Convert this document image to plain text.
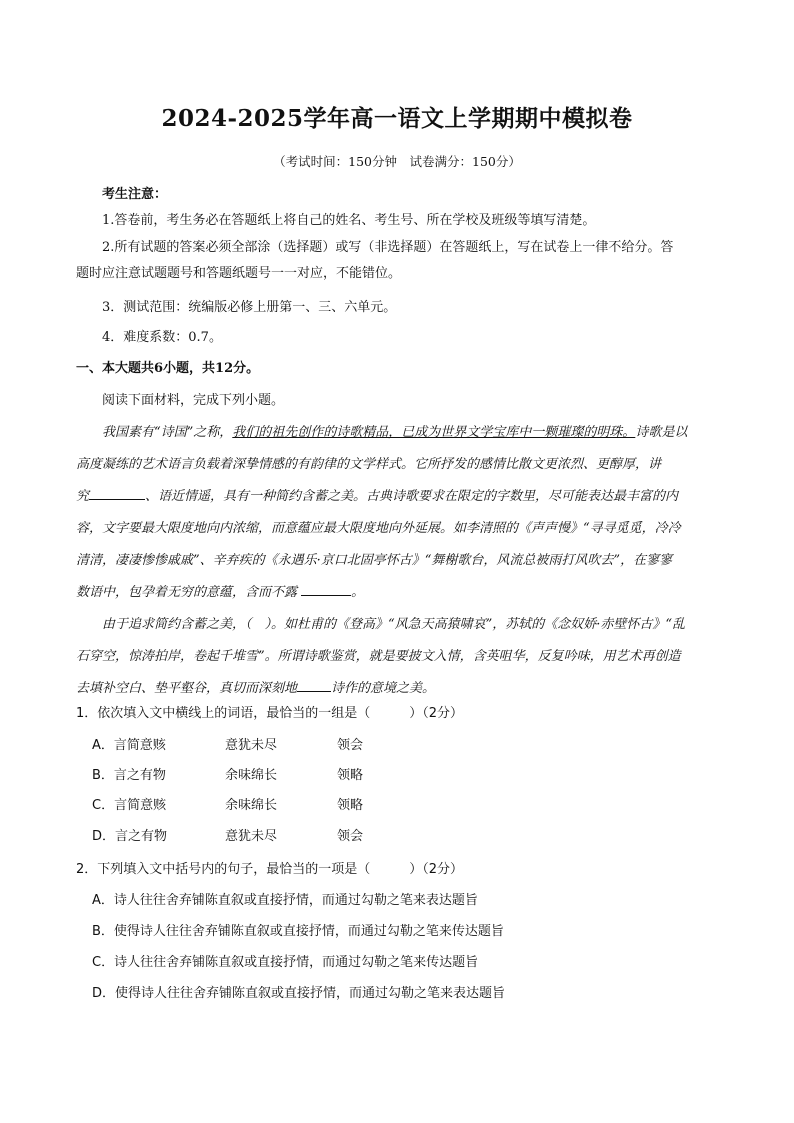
2024-2025学年高一语文上学期期中模拟卷
（考试时间：150分钟　试卷满分：150分）
考生注意：
1.答卷前，考生务必在答题纸上将自己的姓名、考生号、所在学校及班级等填写清楚。
2.所有试题的答案必须全部涂（选择题）或写（非选择题）在答题纸上，写在试卷上一律不给分。答
题时应注意试题题号和答题纸题号一一对应，不能错位。
3．测试范围：统编版必修上册第一、三、六单元。
4．难度系数：0.7。
一、本大题共6小题，共12分。
阅读下面材料，完成下列小题。
我国素有“诗国”之称，我们的祖先创作的诗歌精品，已成为世界文学宝库中一颗璀璨的明珠。诗歌是以
高度凝练的艺术语言负载着深挚情感的有韵律的文学样式。它所抒发的感情比散文更浓烈、更醇厚，讲
究	、语近情遥，具有一种简约含蓄之美。古典诗歌要求在限定的字数里，尽可能表达最丰富的内
容，文字要最大限度地向内浓缩，而意蕴应最大限度地向外延展。如李清照的《声声慢》“寻寻觅觅，冷冷
清清，凄凄惨惨戚戚”、辛弃疾的《永遇乐·京口北固亭怀古》“舞榭歌台，风流总被雨打风吹去”，在寥寥
数语中，包孕着无穷的意蕴，含而不露	。
由于追求简约含蓄之美，（　）。如杜甫的《登高》“风急天高猿啸哀”，苏轼的《念奴娇·赤壁怀古》“乱
石穿空，惊涛拍岸，卷起千堆雪”。所谓诗歌鉴赏，就是要披文入情，含英咀华，反复吟味，用艺术再创造
去填补空白、垫平壑谷，真切而深刻地	诗作的意境之美。
1．依次填入文中横线上的词语，最恰当的一组是（　　　）（2分）
A．言简意赅	意犹未尽	领会
B．言之有物	余味绵长	领略
C．言简意赅	余味绵长	领略
D．言之有物	意犹未尽	领会
2．下列填入文中括号内的句子，最恰当的一项是（　　　）（2分）
A．诗人往往舍弃铺陈直叙或直接抒情，而通过勾勒之笔来表达题旨
B．使得诗人往往舍弃铺陈直叙或直接抒情，而通过勾勒之笔来传达题旨
C．诗人往往舍弃铺陈直叙或直接抒情，而通过勾勒之笔来传达题旨
D．使得诗人往往舍弃铺陈直叙或直接抒情，而通过勾勒之笔来表达题旨
